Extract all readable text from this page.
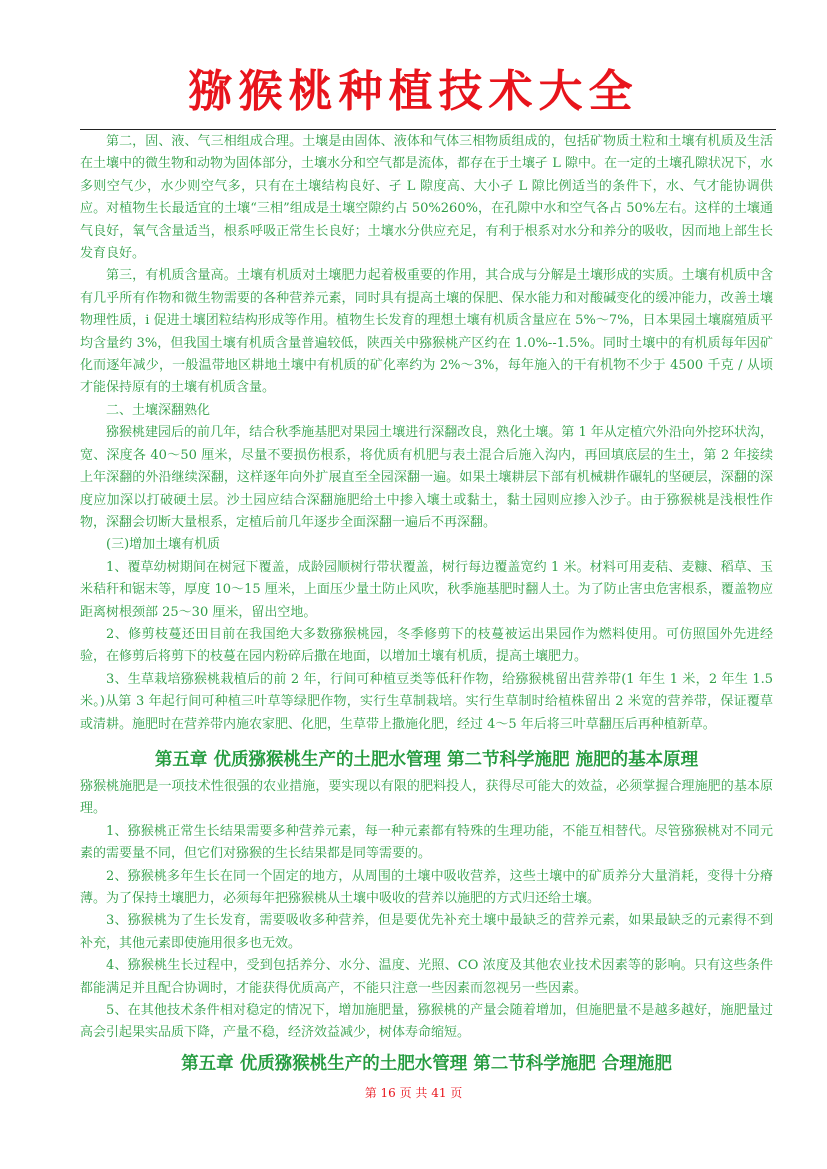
猕猴桃种植技术大全

第二，固、液、气三相组成合理。土壤是由固体、液体和气体三相物质组成的，包括矿物质土粒和土壤有机质及生活在土壤中的微生物和动物为固体部分，土壤水分和空气都是流体，都存在于土壤孑 L 隙中。在一定的土壤孔隙状况下，水多则空气少，水少则空气多，只有在土壤结构良好、孑 L 隙度高、大小孑 L 隙比例适当的条件下，水、气才能协调供应。对植物生长最适宜的土壤“三相”组成是土壤空隙约占 50%260%，在孔隙中水和空气各占 50%左右。这样的土壤通气良好，氧气含量适当，根系呼吸正常生长良好；土壤水分供应充足，有利于根系对水分和养分的吸收，因而地上部生长发育良好。

第三，有机质含量高。土壤有机质对土壤肥力起着极重要的作用，其合成与分解是土壤形成的实质。土壤有机质中含有几乎所有作物和微生物需要的各种营养元素，同时具有提高土壤的保肥、保水能力和对酸碱变化的缓冲能力，改善土壤物理性质，i 促进土壤团粒结构形成等作用。植物生长发育的理想土壤有机质含量应在 5%～7%，日本果园土壤腐殖质平均含量约 3%，但我国土壤有机质含量普遍较低，陕西关中猕猴桃产区约在 1.0%--1.5%。同时土壤中的有机质每年因矿化而逐年减少，一般温带地区耕地土壤中有机质的矿化率约为 2%～3%，每年施入的干有机物不少于 4500 千克 / 从顷才能保持原有的土壤有机质含量。

二、土壤深翻熟化

猕猴桃建园后的前几年，结合秋季施基肥对果园土壤进行深翻改良，熟化土壤。第 1 年从定植穴外沿向外挖环状沟，宽、深度各 40～50 厘米，尽量不要损伤根系，将优质有机肥与表土混合后施入沟内，再回填底层的生土，第 2 年接续上年深翻的外沿继续深翻，这样逐年向外扩展直至全园深翻一遍。如果土壤耕层下部有机械耕作碾轧的坚硬层，深翻的深度应加深以打破硬土层。沙土园应结合深翻施肥给土中掺入壤土或黏土，黏土园则应掺入沙子。由于猕猴桃是浅根性作物，深翻会切断大量根系，定植后前几年逐步全面深翻一遍后不再深翻。

(三)增加土壤有机质

1、覆草幼树期间在树冠下覆盖，成龄园顺树行带状覆盖，树行每边覆盖宽约 1 米。材料可用麦秸、麦糠、稻草、玉米秸秆和锯末等，厚度 10～15 厘米，上面压少量土防止风吹，秋季施基肥时翻人土。为了防止害虫危害根系，覆盖物应距离树根颈部 25～30 厘米，留出空地。

2、修剪枝蔓还田目前在我国绝大多数猕猴桃园，冬季修剪下的枝蔓被运出果园作为燃料使用。可仿照国外先进经验，在修剪后将剪下的枝蔓在园内粉碎后撒在地面，以增加土壤有机质，提高土壤肥力。

3、生草栽培猕猴桃栽植后的前 2 年，行间可种植豆类等低秆作物，给猕猴桃留出营养带(1 年生 1 米，2 年生 1.5 米。)从第 3 年起行间可种植三叶草等绿肥作物，实行生草制栽培。实行生草制时给植株留出 2 米宽的营养带，保证覆草或清耕。施肥时在营养带内施农家肥、化肥，生草带上撒施化肥，经过 4～5 年后将三叶草翻压后再种植新草。

第五章 优质猕猴桃生产的土肥水管理 第二节科学施肥 施肥的基本原理

猕猴桃施肥是一项技术性很强的农业措施，要实现以有限的肥料投人，获得尽可能大的效益，必须掌握合理施肥的基本原理。

1、猕猴桃正常生长结果需要多种营养元素，每一种元素都有特殊的生理功能，不能互相替代。尽管猕猴桃对不同元素的需要量不同，但它们对猕猴的生长结果都是同等需要的。

2、猕猴桃多年生长在同一个固定的地方，从周围的土壤中吸收营养，这些土壤中的矿质养分大量消耗，变得十分瘠薄。为了保持土壤肥力，必须每年把猕猴桃从土壤中吸收的营养以施肥的方式归还给土壤。

3、猕猴桃为了生长发育，需要吸收多种营养，但是要优先补充土壤中最缺乏的营养元素，如果最缺乏的元素得不到补充，其他元素即使施用很多也无效。

4、猕猴桃生长过程中，受到包括养分、水分、温度、光照、CO 浓度及其他农业技术因素等的影响。只有这些条件都能满足并且配合协调时，才能获得优质高产，不能只注意一些因素而忽视另一些因素。

5、在其他技术条件相对稳定的情况下，增加施肥量，猕猴桃的产量会随着增加，但施肥量不是越多越好，施肥量过高会引起果实品质下降，产量不稳，经济效益减少，树体寿命缩短。

第五章 优质猕猴桃生产的土肥水管理 第二节科学施肥 合理施肥
第 16 页 共 41 页
